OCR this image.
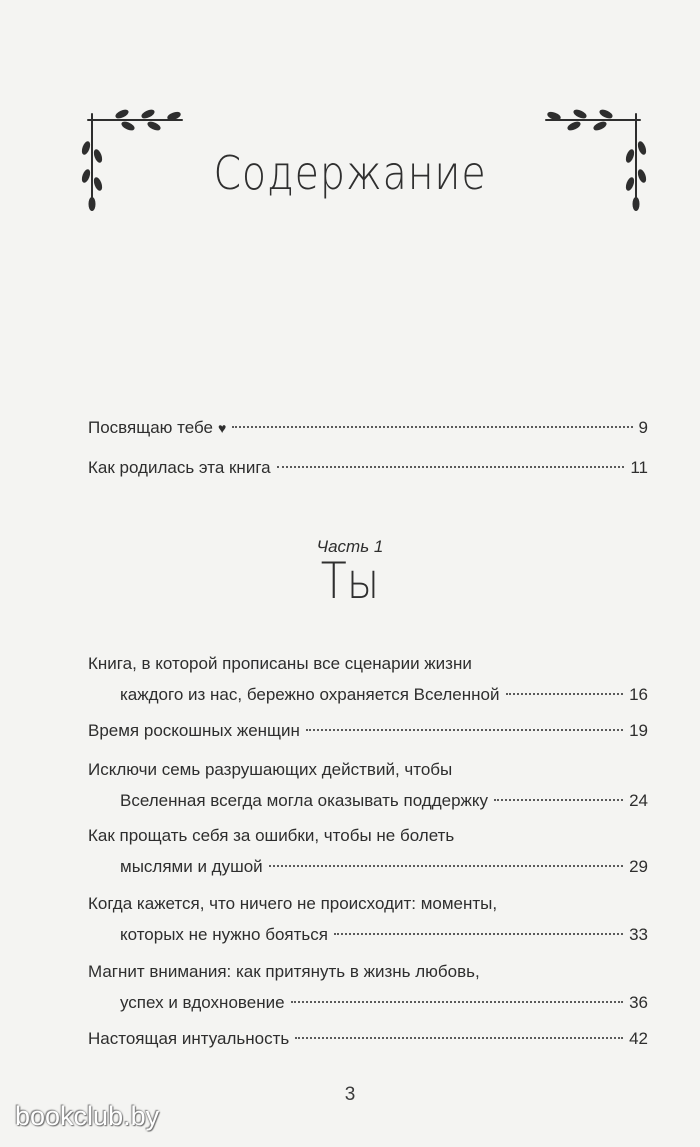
Содержание
Посвящаю тебе ♥	9
Как родилась эта книга	11
Книга, в которой прописаны все сценарии жизни
каждого из нас, бережно охраняется Вселенной	16
Время роскошных женщин	19
Исключи семь разрушающих действий, чтобы
Вселенная всегда могла оказывать поддержку	24
Как прощать себя за ошибки, чтобы не болеть
мыслями и душой	29
Когда кажется, что ничего не происходит: моменты,
которых не нужно бояться	33
Магнит внимания: как притянуть в жизнь любовь,
успех и вдохновение	36
Настоящая интуальность	42
Часть 1
Ты
3
bookclub.by
